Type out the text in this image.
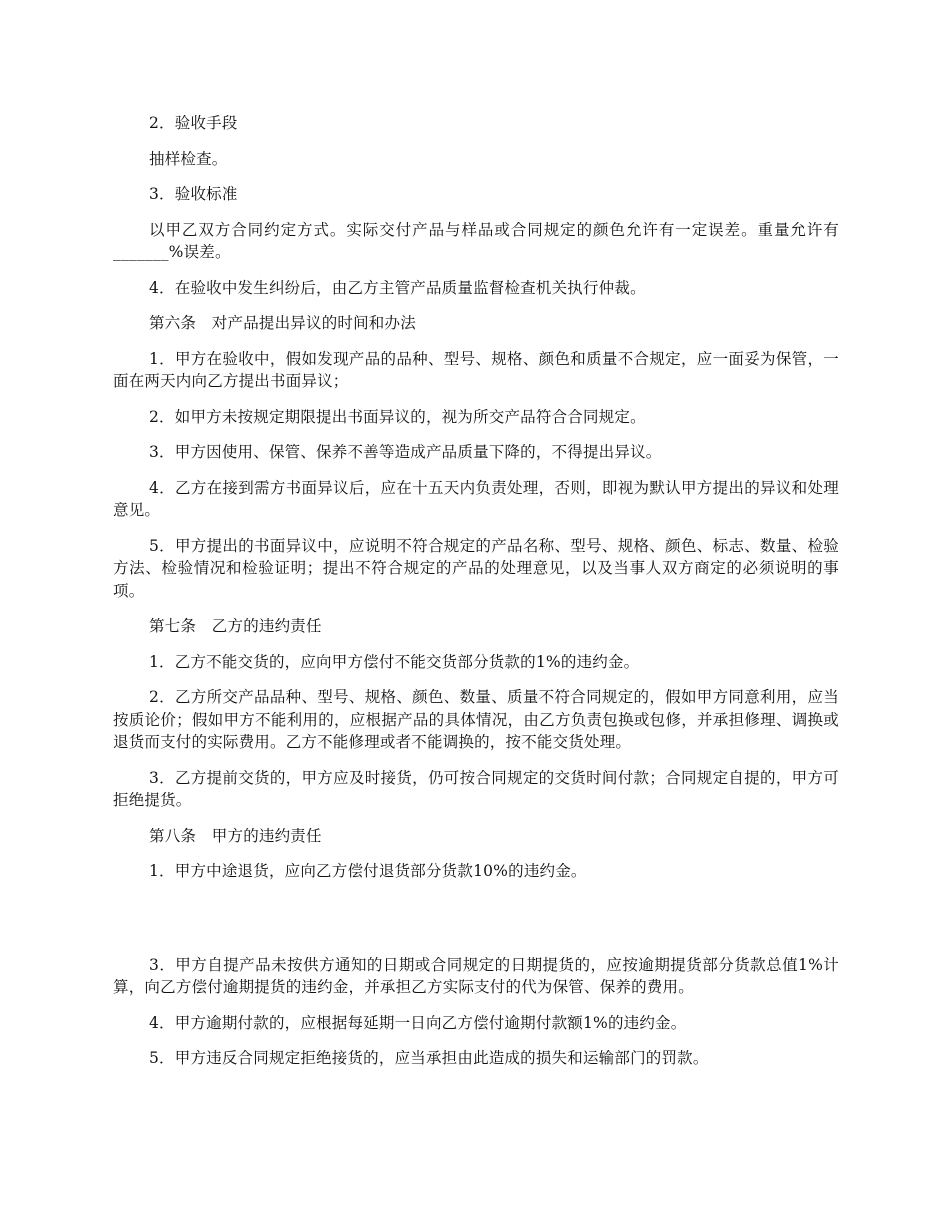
2．验收手段

抽样检查。

3．验收标准

以甲乙双方合同约定方式。实际交付产品与样品或合同规定的颜色允许有一定误差。重量允许有_______%误差。

4．在验收中发生纠纷后，由乙方主管产品质量监督检查机关执行仲裁。

第六条　对产品提出异议的时间和办法

1．甲方在验收中，假如发现产品的品种、型号、规格、颜色和质量不合规定，应一面妥为保管，一面在两天内向乙方提出书面异议；

2．如甲方未按规定期限提出书面异议的，视为所交产品符合合同规定。

3．甲方因使用、保管、保养不善等造成产品质量下降的，不得提出异议。

4．乙方在接到需方书面异议后，应在十五天内负责处理，否则，即视为默认甲方提出的异议和处理意见。

5．甲方提出的书面异议中，应说明不符合规定的产品名称、型号、规格、颜色、标志、数量、检验方法、检验情况和检验证明；提出不符合规定的产品的处理意见，以及当事人双方商定的必须说明的事项。

第七条　乙方的违约责任

1．乙方不能交货的，应向甲方偿付不能交货部分货款的1%的违约金。

2．乙方所交产品品种、型号、规格、颜色、数量、质量不符合同规定的，假如甲方同意利用，应当按质论价；假如甲方不能利用的，应根据产品的具体情况，由乙方负责包换或包修，并承担修理、调换或退货而支付的实际费用。乙方不能修理或者不能调换的，按不能交货处理。

3．乙方提前交货的，甲方应及时接货，仍可按合同规定的交货时间付款；合同规定自提的，甲方可拒绝提货。

第八条　甲方的违约责任

1．甲方中途退货，应向乙方偿付退货部分货款10%的违约金。

3．甲方自提产品未按供方通知的日期或合同规定的日期提货的，应按逾期提货部分货款总值1%计算，向乙方偿付逾期提货的违约金，并承担乙方实际支付的代为保管、保养的费用。

4．甲方逾期付款的，应根据每延期一日向乙方偿付逾期付款额1%的违约金。

5．甲方违反合同规定拒绝接货的，应当承担由此造成的损失和运输部门的罚款。
